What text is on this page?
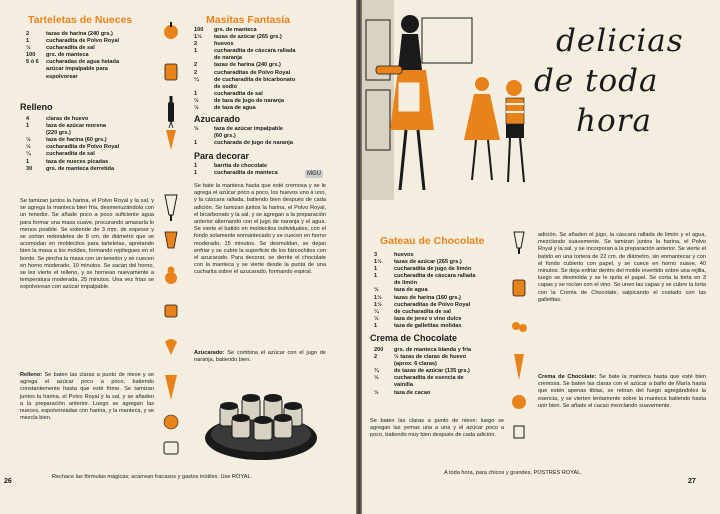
Tarteletas de Nueces
2	tazas de harina (240 grs.)
1	cucharadita de Polvo Royal
½	cucharadita de sal
100 grs. de manteca
5 ó 6 cucharadas de agua helada
azúcar impalpable para
espolvorear
Relleno
4	claras de huevo
1	taza de azúcar morena
(220 grs.)
½	taza de harina (60 grs.)
½	cucharadita de Polvo Royal
¼	cucharadita de sal
1	taza de nueces picadas
30 grs. de manteca derretida

Se tamizan juntos la harina, el Polvo Royal y la sal, y se agrega la manteca bien fría, desmenuzándola con un tenedor. Se añade poco a poco suficiente agua para formar una masa suave, procurando amasarla lo menos posible. Se extiende de 3 mm. de espesor y se cortan redondeles de 8 cm. de diámetro que se acomodan en moldecitos para tarteletas, apretando bien la masa a los moldes, formando repliegues en el borde. Se pincha la masa con un tenedor y se cuecen en horno moderado, 10 minutos. Se sacan del horno, se les vierte el relleno, y se hornean nuevamente a temperatura moderada, 25 minutos. Una vez frías se espolvorean con azúcar impalpable.

Relleno: Se baten las claras a punto de nieve y se agrega el azúcar poco a poco, batiendo constantemente hasta que esté firme. Se tamizan juntos la harina, el Polvo Royal y la sal, y se añaden a la preparación anterior. Luego se agregan las nueces, espolvoreadas con harina, y la manteca, y se mezcla bien.

Masitas Fantasía
100 grs. de manteca
1½ tazas de azúcar (265 grs.)
2	huevos
1	cucharadita de cáscara rallada
de naranja
2	tazas de harina (240 grs.)
2	cucharaditas de Polvo Royal
¼	de cucharadita de bicarbonato
de sodio
1	cucharadita de sal
½	de taza de jugo de naranja
½	de taza de agua
Azucarado
½	taza de azúcar impalpable
(60 grs.)
1	cucharada de jugo de naranja
Para decorar
1	barrita de chocolate
1	cucharadita de manteca	MGU

Se bate la manteca hasta que esté cremosa y se le agrega el azúcar poco a poco, los huevos uno a uno, y la cáscara rallada, batiendo bien después de cada adición. Se tamizan juntos la harina, el Polvo Royal, el bicarbonato y la sal, y se agregan a la preparación anterior alternando con el jugo de naranja y el agua. Se vierte el batido en moldecitos individuales, con el fondo solamente enmantecado y se cuecen en horno moderado, 15 minutos. Se desmoldan, se dejan enfriar y se cubre la superficie de los bizcochitos con el azucarado. Para decorar, se derrite el chocolate con la manteca y se vierte desde la punta de una cucharita sobre el azucarado, formando espiral.

Azucarado: Se combina el azúcar con el jugo de naranja, batiendo bien.

Rechace las fórmulas mágicas; acarrean fracasos y gastos inútiles. Use ROYAL.

26

delicias

de toda

hora

Gateau de Chocolate
3	huevos
1½ tazas de azúcar (265 grs.)
1	cucharadita de jugo de limón
1	cucharadita de cáscara rallada
de limón
½	taza de agua
1½ tazas de harina (160 grs.)
1½ cucharaditas de Polvo Royal
¼	de cucharadita de sal
½	taza de jerez o vino dulce
1	taza de galletitas molidas
Crema de Chocolate
200 grs. de manteca blanda y fría
2	½ tazas de claras de huevo
(aprox. 6 claras)
¾	de tazas de azúcar (135 grs.)
½	cucharadita de esencia de
vainilla
½	taza de cacao

Se baten las claras a punto de nieve; luego se agregan las yemas una a una y el azúcar poco a poco, batiendo muy bien después de cada adición.

adición. Se añaden el jugo, la cáscara rallada de limón y el agua, mezclando suavemente. Se tamizan juntos la harina, el Polvo Royal y la sal, y se incorporan a la preparación anterior. Se vierte el batido en una tortera de 22 cm. de diámetro, sin enmantecar y con el fondo cubierto con papel, y se cuece en horno suave, 40 minutos. Se deja enfriar dentro del molde invertido sobre una rejilla, luego se desmolda y se le quita el papel. Se corta la torta en 3 capas y se rocían con el vino. Se unen las capas y se cubre la torta con la Crema de Chocolate, salpicando el costado con las galletitas.

Crema de Chocolate: Se bate la manteca hasta que esté bien cremosa. Se baten las claras con el azúcar a baño de María hasta que estén apenas tibias, se retiran del fuego agregándoles la esencia, y se vierten lentamente sobre la manteca batiendo hasta unir bien. Se añade el cacao mezclando suavemente.

A toda hora, para chicos y grandes, POSTRES ROYAL.

27
